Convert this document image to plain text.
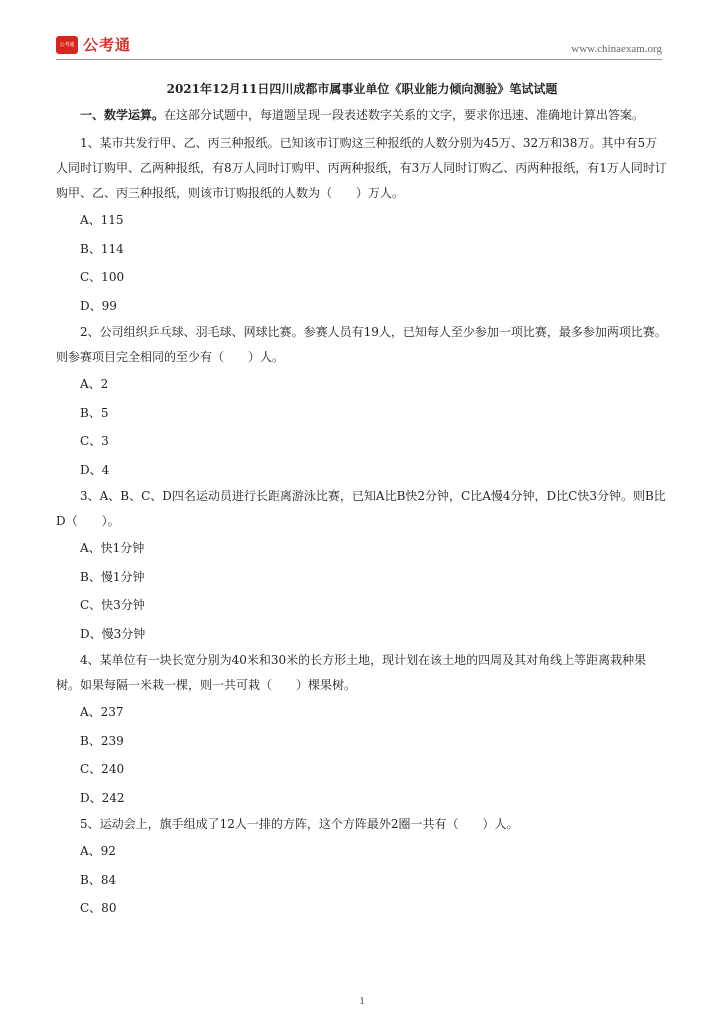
公考通 公考通	www.chinaexam.org
2021年12月11日四川成都市属事业单位《职业能力倾向测验》笔试试题

一、数学运算。在这部分试题中，每道题呈现一段表述数字关系的文字，要求你迅速、准确地计算出答案。

1、某市共发行甲、乙、丙三种报纸。已知该市订购这三种报纸的人数分别为45万、32万和38万。其中有5万人同时订购甲、乙两种报纸，有8万人同时订购甲、丙两种报纸，有3万人同时订购乙、丙两种报纸，有1万人同时订购甲、乙、丙三种报纸，则该市订购报纸的人数为（　　）万人。

A、115
B、114
C、100
D、99

2、公司组织乒乓球、羽毛球、网球比赛。参赛人员有19人，已知每人至少参加一项比赛，最多参加两项比赛。则参赛项目完全相同的至少有（　　）人。

A、2
B、5
C、3
D、4

3、A、B、C、D四名运动员进行长距离游泳比赛，已知A比B快2分钟，C比A慢4分钟，D比C快3分钟。则B比D（　　）。

A、快1分钟
B、慢1分钟
C、快3分钟
D、慢3分钟

4、某单位有一块长宽分别为40米和30米的长方形土地，现计划在该土地的四周及其对角线上等距离栽种果树。如果每隔一米栽一棵，则一共可栽（　　）棵果树。

A、237
B、239
C、240
D、242

5、运动会上，旗手组成了12人一排的方阵，这个方阵最外2圈一共有（　　）人。

A、92
B、84
C、80
1
